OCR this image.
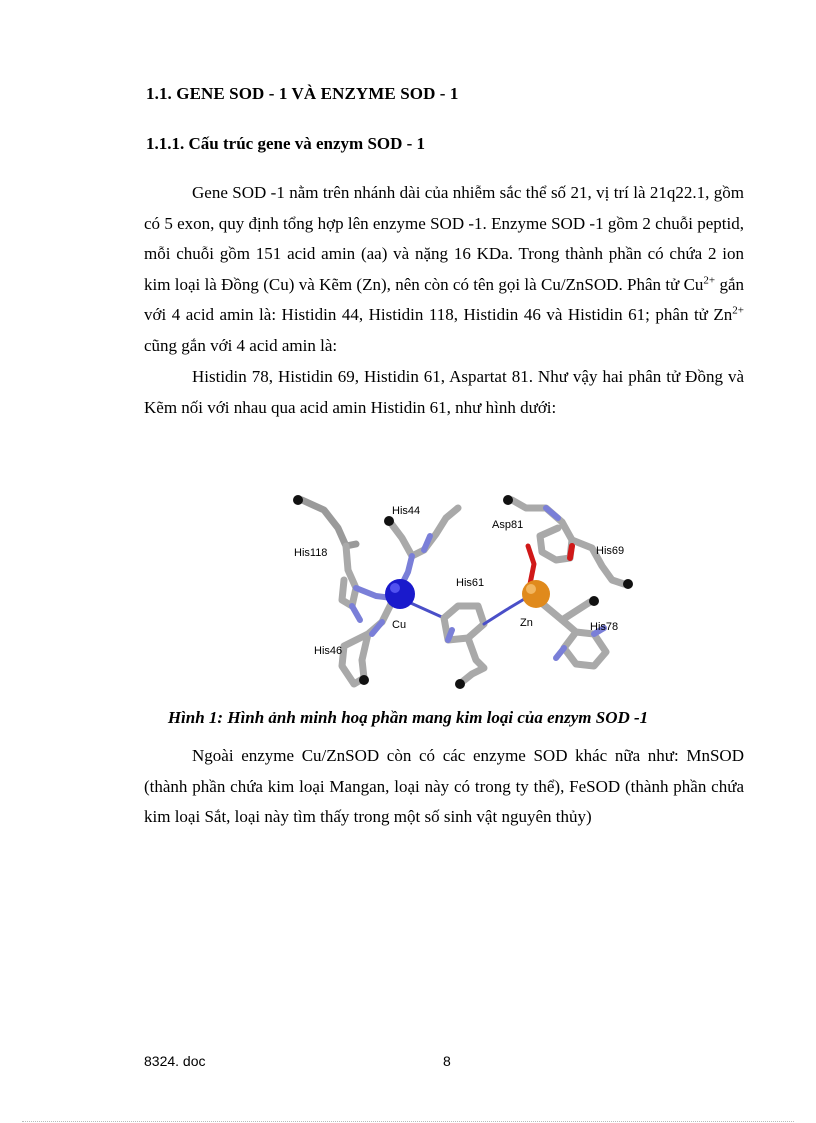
1.1. GENE SOD - 1 VÀ ENZYME SOD - 1
1.1.1. Cấu trúc gene và enzym SOD - 1

Gene SOD -1 nằm trên nhánh dài của nhiễm sắc thể số 21, vị trí là 21q22.1, gồm có 5 exon, quy định tổng hợp lên enzyme SOD -1. Enzyme SOD -1 gồm 2 chuỗi peptid, mỗi chuỗi gồm 151 acid amin (aa) và nặng 16 KDa. Trong thành phần có chứa 2 ion kim loại là Đồng (Cu) và Kẽm (Zn), nên còn có tên gọi là Cu/ZnSOD. Phân tử $Cu^{2+}$ gắn với 4 acid amin là: Histidin 44, Histidin 118, Histidin 46 và Histidin 61; phân tử $Zn^{2+}$ cũng gắn với 4 acid amin là:

Histidin 78, Histidin 69, Histidin 61, Aspartat 81. Như vậy hai phân tử Đồng và Kẽm nối với nhau qua acid amin Histidin 61, như hình dưới:

His118
His44
Asp81
His69
His61
Cu	Zn	His78
His46
Hình 1: Hình ảnh minh hoạ phần mang kim loại của enzym SOD -1

Ngoài enzyme Cu/ZnSOD còn có các enzyme SOD khác nữa như: MnSOD (thành phần chứa kim loại Mangan, loại này có trong ty thể), FeSOD (thành phần chứa kim loại Sắt, loại này tìm thấy trong một số sinh vật nguyên thủy)

8324. doc	8
